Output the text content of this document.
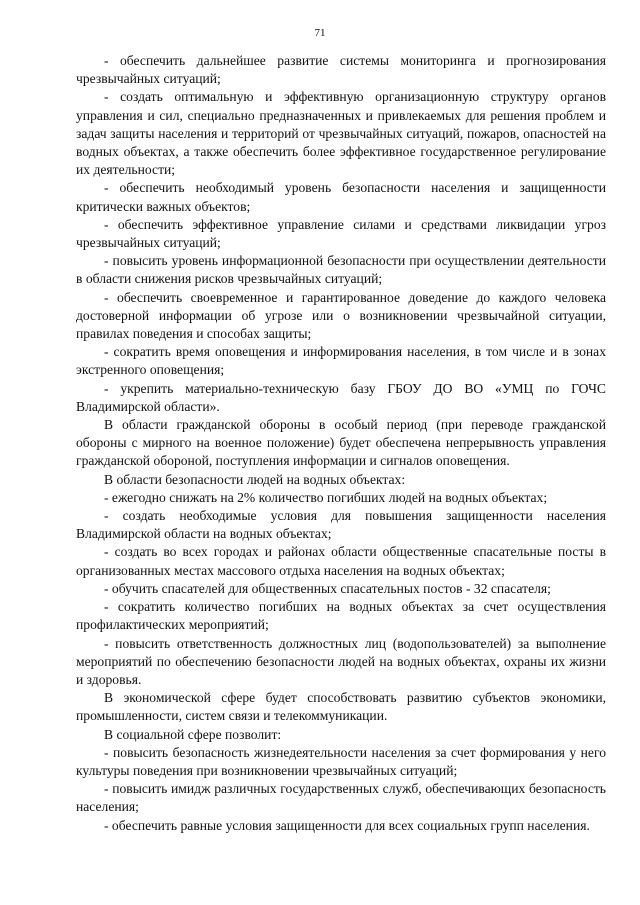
71

- обеспечить дальнейшее развитие системы мониторинга и прогнозирования чрезвычайных ситуаций;

- создать оптимальную и эффективную организационную структуру органов управления и сил, специально предназначенных и привлекаемых для решения проблем и задач защиты населения и территорий от чрезвычайных ситуаций, пожаров, опасностей на водных объектах, а также обеспечить более эффективное государственное регулирование их деятельности;

- обеспечить необходимый уровень безопасности населения и защищенности критически важных объектов;

- обеспечить эффективное управление силами и средствами ликвидации угроз чрезвычайных ситуаций;

- повысить уровень информационной безопасности при осуществлении деятельности в области снижения рисков чрезвычайных ситуаций;

- обеспечить своевременное и гарантированное доведение до каждого человека достоверной информации об угрозе или о возникновении чрезвычайной ситуации, правилах поведения и способах защиты;

- сократить время оповещения и информирования населения, в том числе и в зонах экстренного оповещения;

- укрепить материально-техническую базу ГБОУ ДО ВО «УМЦ по ГОЧС Владимирской области».

В области гражданской обороны в особый период (при переводе гражданской обороны с мирного на военное положение) будет обеспечена непрерывность управления гражданской обороной, поступления информации и сигналов оповещения.

В области безопасности людей на водных объектах:

- ежегодно снижать на 2% количество погибших людей на водных объектах;

- создать необходимые условия для повышения защищенности населения Владимирской области на водных объектах;

- создать во всех городах и районах области общественные спасательные посты в организованных местах массового отдыха населения на водных объектах;

- обучить спасателей для общественных спасательных постов - 32 спасателя;

- сократить количество погибших на водных объектах за счет осуществления профилактических мероприятий;

- повысить ответственность должностных лиц (водопользователей) за выполнение мероприятий по обеспечению безопасности людей на водных объектах, охраны их жизни и здоровья.

В экономической сфере будет способствовать развитию субъектов экономики, промышленности, систем связи и телекоммуникации.

В социальной сфере позволит:

- повысить безопасность жизнедеятельности населения за счет формирования у него культуры поведения при возникновении чрезвычайных ситуаций;

- повысить имидж различных государственных служб, обеспечивающих безопасность населения;

- обеспечить равные условия защищенности для всех социальных групп населения.
